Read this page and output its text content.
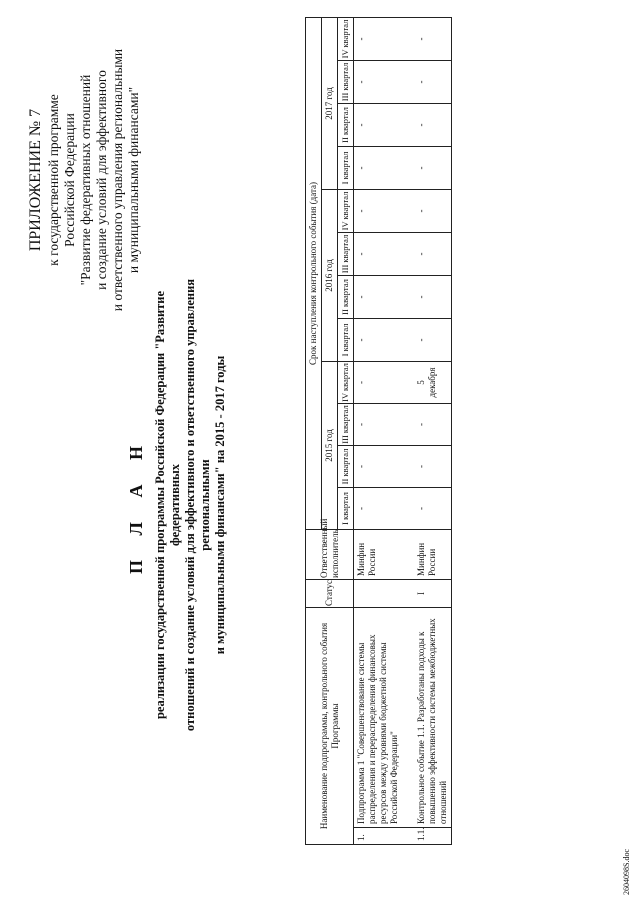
ПРИЛОЖЕНИЕ № 7 к государственной программе Российской Федерации "Развитие федеративных отношений и создание условий для эффективного и ответственного управления региональными и муниципальными финансами"
П Л А Н реализации государственной программы Российской Федерации "Развитие федеративных отношений и создание условий для эффективного и ответственного управления региональными и муниципальными финансами" на 2015 - 2017 годы
Наименование подпрограммы, контрольного события Программы		Статус	Ответственный исполнитель	Срок наступления контрольного события (дата)											
				2015 год				2016 год				2017 год			
				I квартал	II квартал	III квартал	IV квартал	I квартал	II квартал	III квартал	IV квартал	I квартал	II квартал	III квартал	IV квартал
1.	Подпрограмма 1 "Совершенствование системы распределения и перераспределения финансовых ресурсов между уровнями бюджетной системы Российской Федерации"		Минфин России	-	-	-	-	-	-	-	-	-	-	-	-
1.1.	Контрольное событие 1.1. Разработаны подходы к повышению эффективности системы межбюджетных отношений	I	Минфин России	-	-	-	5 декабря	-	-	-	-	-	-	-	-
2604098S.doc
